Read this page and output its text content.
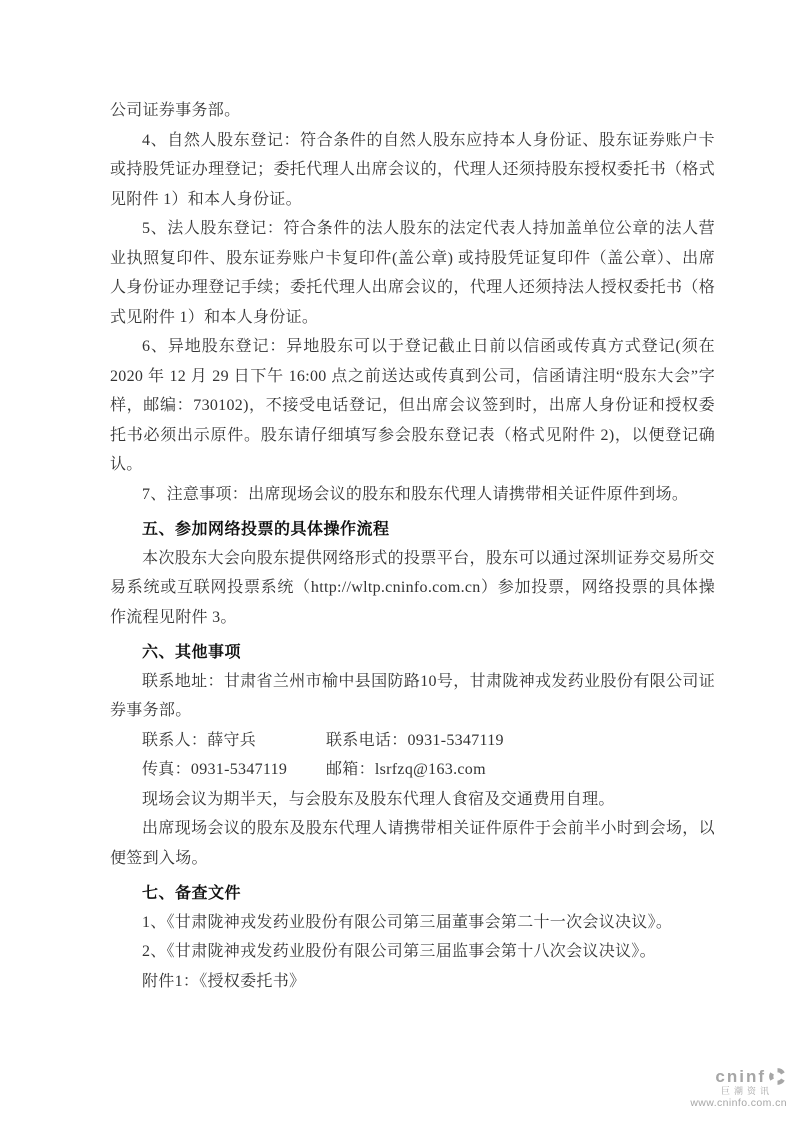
公司证券事务部。

4、自然人股东登记：符合条件的自然人股东应持本人身份证、股东证券账户卡或持股凭证办理登记；委托代理人出席会议的，代理人还须持股东授权委托书（格式见附件 1）和本人身份证。

5、法人股东登记：符合条件的法人股东的法定代表人持加盖单位公章的法人营业执照复印件、股东证券账户卡复印件(盖公章) 或持股凭证复印件（盖公章）、出席人身份证办理登记手续；委托代理人出席会议的，代理人还须持法人授权委托书（格式见附件 1）和本人身份证。

6、异地股东登记：异地股东可以于登记截止日前以信函或传真方式登记(须在 2020 年 12 月 29 日下午 16:00 点之前送达或传真到公司，信函请注明“股东大会”字样，邮编：730102)，不接受电话登记，但出席会议签到时，出席人身份证和授权委托书必须出示原件。股东请仔细填写参会股东登记表（格式见附件 2)，以便登记确认。

7、注意事项：出席现场会议的股东和股东代理人请携带相关证件原件到场。

五、参加网络投票的具体操作流程

本次股东大会向股东提供网络形式的投票平台，股东可以通过深圳证券交易所交易系统或互联网投票系统（http://wltp.cninfo.com.cn）参加投票，网络投票的具体操作流程见附件 3。

六、其他事项

联系地址：甘肃省兰州市榆中县国防路10号，甘肃陇神戎发药业股份有限公司证券事务部。

联系人：薛守兵	联系电话：0931-5347119

传真：0931-5347119 邮箱：lsrfzq@163.com

现场会议为期半天，与会股东及股东代理人食宿及交通费用自理。

出席现场会议的股东及股东代理人请携带相关证件原件于会前半小时到会场，以便签到入场。

七、备查文件

1、《甘肃陇神戎发药业股份有限公司第三届董事会第二十一次会议决议》。

2、《甘肃陇神戎发药业股份有限公司第三届监事会第十八次会议决议》。

附件1：《授权委托书》

cninf
巨潮资讯
www.cninfo.com.cn
